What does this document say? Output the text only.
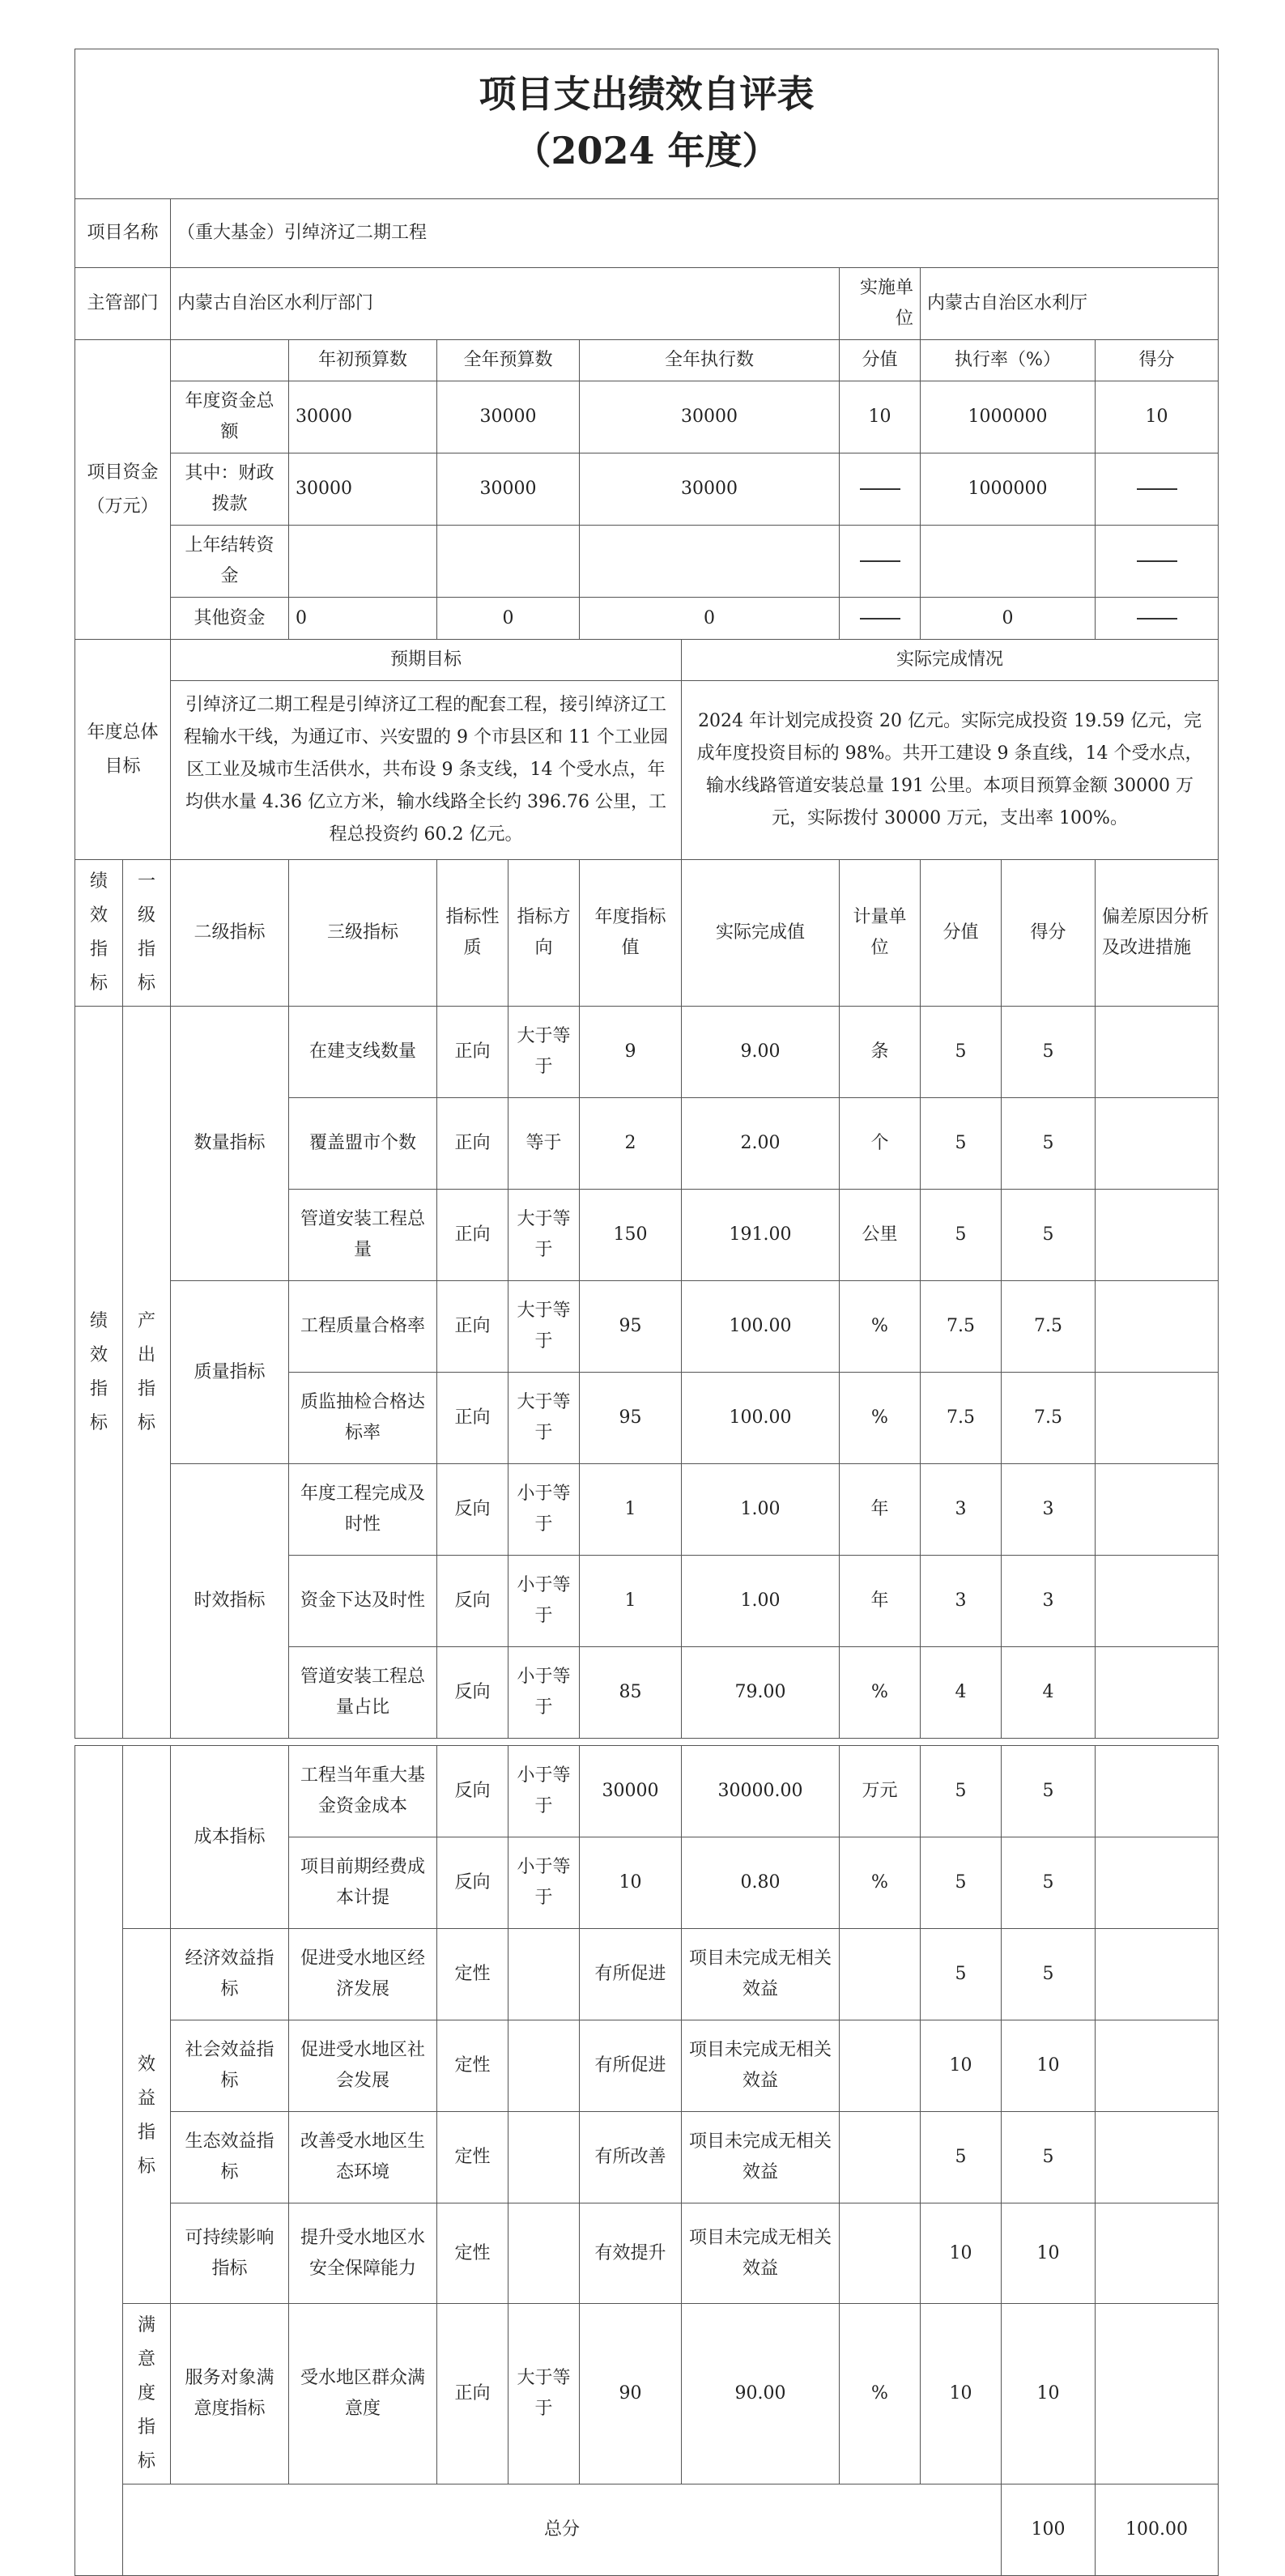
项目支出绩效自评表
（2024 年度）											

项目名称		（重大基金）引绰济辽二期工程									
主管部门		内蒙古自治区水利厅部门						实施单位	内蒙古自治区水利厅		
项目资金（万元）			年初预算数	全年预算数		全年执行数		分值	执行率（%）		得分
		年度资金总额	30000	30000		30000		10	1000000		10
		其中：财政拨款	30000	30000		30000			1000000		
		上年结转资金									
		其他资金	0	0		0			0		
年度总体目标		预期目标					实际完成情况				
		引绰济辽二期工程是引绰济辽工程的配套工程，接引绰济辽工程输水干线，为通辽市、兴安盟的 9 个市县区和 11 个工业园区工业及城市生活供水，共布设 9 条支线，14 个受水点，年均供水量 4.36 亿立方米，输水线路全长约 396.76 公里，工程总投资约 60.2 亿元。					2024 年计划完成投资 20 亿元。实际完成投资 19.59 亿元，完成年度投资目标的 98%。共开工建设 9 条直线，14 个受水点，输水线路管道安装总量 191 公里。本项目预算金额 30000 万元，实际拨付 30000 万元，支出率 100%。				
绩效指标	一级指标	二级指标	三级指标	指标性质	指标方向	年度指标值	实际完成值	计量单位	分值	得分	偏差原因分析及改进措施
绩效指标	产出指标	数量指标	在建支线数量	正向	大于等于	9	9.00	条	5	5	
			覆盖盟市个数	正向	等于	2	2.00	个	5	5	
			管道安装工程总量	正向	大于等于	150	191.00	公里	5	5	
		质量指标	工程质量合格率	正向	大于等于	95	100.00	%	7.5	7.5	
			质监抽检合格达标率	正向	大于等于	95	100.00	%	7.5	7.5	
		时效指标	年度工程完成及时性	反向	小于等于	1	1.00	年	3	3	
			资金下达及时性	反向	小于等于	1	1.00	年	3	3	
			管道安装工程总量占比	反向	小于等于	85	79.00	%	4	4	
		成本指标	工程当年重大基金资金成本	反向	小于等于	30000	30000.00	万元	5	5		
			项目前期经费成本计提	反向	小于等于	10	0.80	%	5	5		
	效益指标	经济效益指标	促进受水地区经济发展	定性		有所促进	项目未完成无相关效益		5	5		
		社会效益指标	促进受水地区社会发展	定性		有所促进	项目未完成无相关效益		10	10		
		生态效益指标	改善受水地区生态环境	定性		有所改善	项目未完成无相关效益		5	5		
		可持续影响指标	提升受水地区水安全保障能力	定性		有效提升	项目未完成无相关效益		10	10		
	满意度指标	服务对象满意度指标	受水地区群众满意度	正向	大于等于	90	90.00	%	10	10		
	总分									100	100.00	
